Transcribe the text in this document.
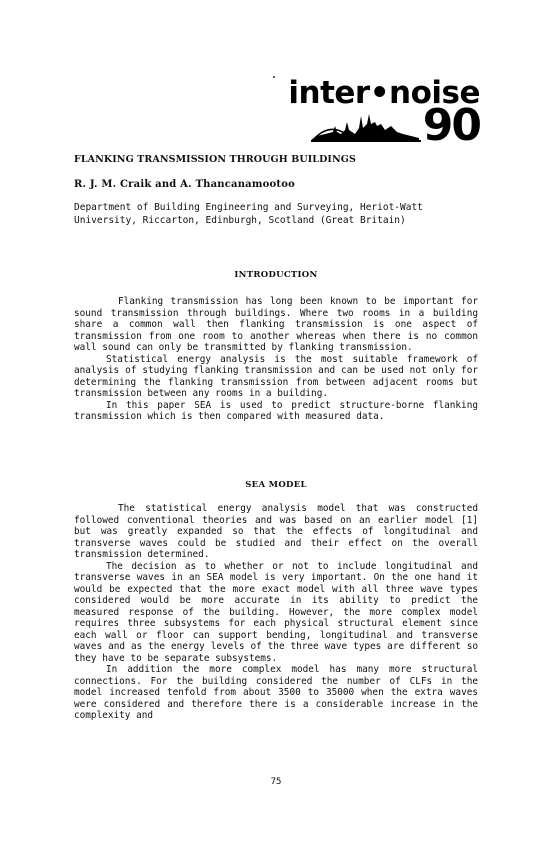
inter•noise
90
FLANKING TRANSMISSION THROUGH BUILDINGS
R. J. M. Craik and A. Thancanamootoo
Department of Building Engineering and Surveying, Heriot-Watt University, Riccarton, Edinburgh, Scotland (Great Britain)
INTRODUCTION

Flanking transmission has long been known to be important for sound transmission through buildings. Where two rooms in a building share a common wall then flanking transmission is one aspect of transmission from one room to another whereas when there is no common wall sound can only be transmitted by flanking transmission.

Statistical energy analysis is the most suitable framework of analysis of studying flanking transmission and can be used not only for determining the flanking transmission from between adjacent rooms but transmission between any rooms in a building.

In this paper SEA is used to predict structure-borne flanking transmission which is then compared with measured data.

SEA MODEL

The statistical energy analysis model that was constructed followed conventional theories and was based on an earlier model [1] but was greatly expanded so that the effects of longitudinal and transverse waves could be studied and their effect on the overall transmission determined.

The decision as to whether or not to include longitudinal and transverse waves in an SEA model is very important. On the one hand it would be expected that the more exact model with all three wave types considered would be more accurate in its ability to predict the measured response of the building. However, the more complex model requires three subsystems for each physical structural element since each wall or floor can support bending, longitudinal and transverse waves and as the energy levels of the three wave types are different so they have to be separate subsystems.

In addition the more complex model has many more structural connections. For the building considered the number of CLFs in the model increased tenfold from about 3500 to 35000 when the extra waves were considered and therefore there is a considerable increase in the complexity and

75
